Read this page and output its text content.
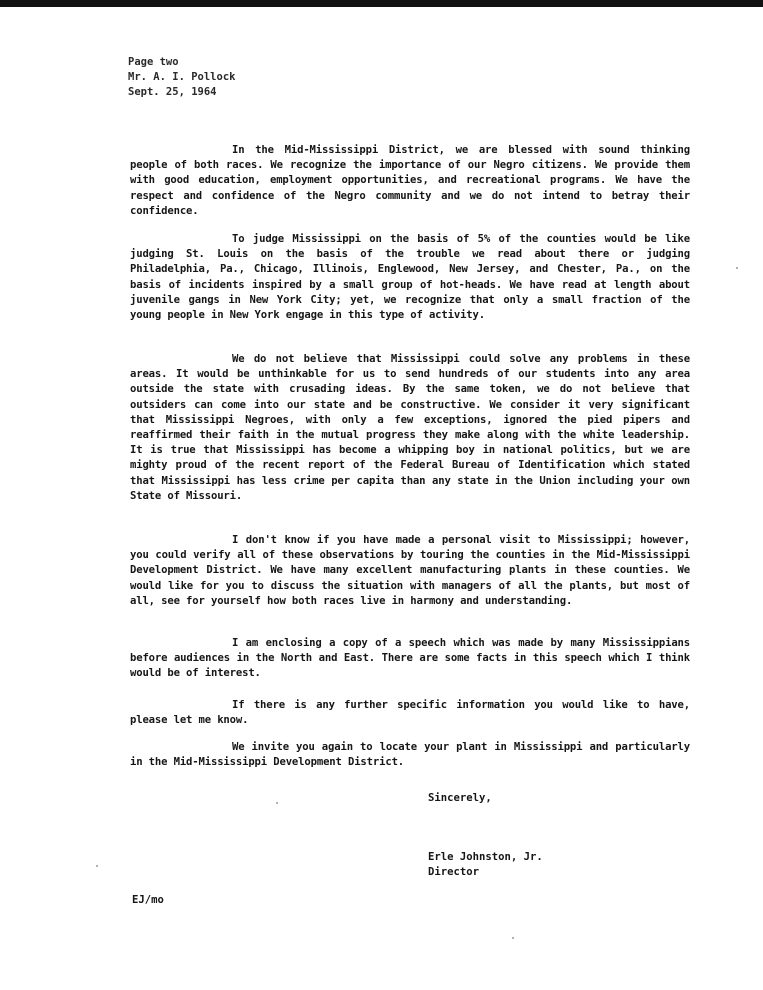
Page two
Mr. A. I. Pollock
Sept. 25, 1964

In the Mid-Mississippi District, we are blessed with sound thinking people of both races. We recognize the importance of our Negro citizens. We provide them with good education, employment opportunities, and recreational programs. We have the respect and confidence of the Negro community and we do not intend to betray their confidence.

To judge Mississippi on the basis of 5% of the counties would be like judging St. Louis on the basis of the trouble we read about there or judging Philadelphia, Pa., Chicago, Illinois, Englewood, New Jersey, and Chester, Pa., on the basis of incidents inspired by a small group of hot-heads. We have read at length about juvenile gangs in New York City; yet, we recognize that only a small fraction of the young people in New York engage in this type of activity.

We do not believe that Mississippi could solve any problems in these areas. It would be unthinkable for us to send hundreds of our students into any area outside the state with crusading ideas. By the same token, we do not believe that outsiders can come into our state and be constructive. We consider it very significant that Mississippi Negroes, with only a few exceptions, ignored the pied pipers and reaffirmed their faith in the mutual progress they make along with the white leadership. It is true that Mississippi has become a whipping boy in national politics, but we are mighty proud of the recent report of the Federal Bureau of Identification which stated that Mississippi has less crime per capita than any state in the Union including your own State of Missouri.

I don't know if you have made a personal visit to Mississippi; however, you could verify all of these observations by touring the counties in the Mid-Mississippi Development District. We have many excellent manufacturing plants in these counties. We would like for you to discuss the situation with managers of all the plants, but most of all, see for yourself how both races live in harmony and understanding.

I am enclosing a copy of a speech which was made by many Mississippians before audiences in the North and East. There are some facts in this speech which I think would be of interest.

If there is any further specific information you would like to have, please let me know.

We invite you again to locate your plant in Mississippi and particularly in the Mid-Mississippi Development District.

Sincerely,
Erle Johnston, Jr.
Director
EJ/mo
